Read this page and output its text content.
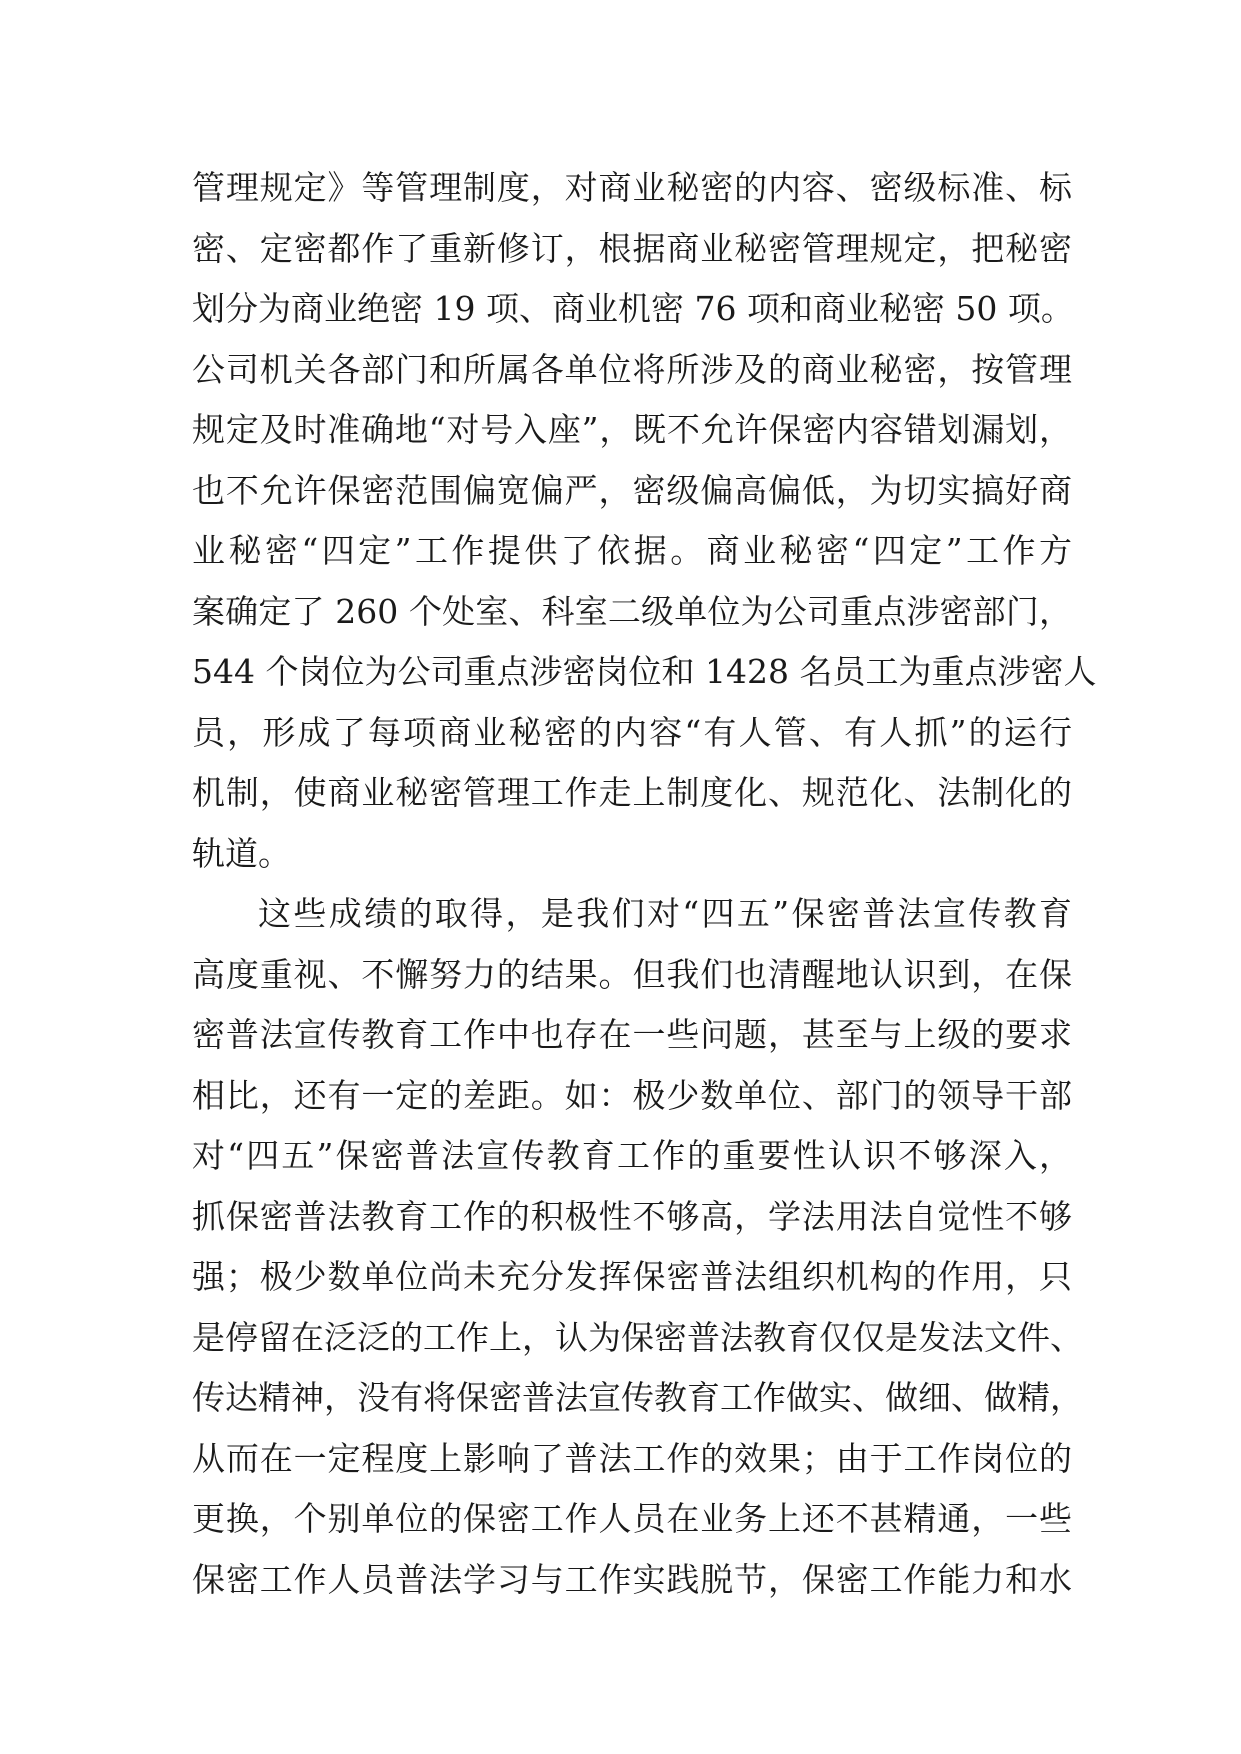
管理规定》等管理制度，对商业秘密的内容、密级标准、标
密、定密都作了重新修订，根据商业秘密管理规定，把秘密
划分为商业绝密 19 项、商业机密 76 项和商业秘密 50 项。
公司机关各部门和所属各单位将所涉及的商业秘密，按管理
规定及时准确地“对号入座”，既不允许保密内容错划漏划，
也不允许保密范围偏宽偏严，密级偏高偏低，为切实搞好商
业秘密“四定”工作提供了依据。商业秘密“四定”工作方
案确定了 260 个处室、科室二级单位为公司重点涉密部门，
544 个岗位为公司重点涉密岗位和 1428 名员工为重点涉密人
员，形成了每项商业秘密的内容“有人管、有人抓”的运行
机制，使商业秘密管理工作走上制度化、规范化、法制化的
轨道。
这些成绩的取得，是我们对“四五”保密普法宣传教育
高度重视、不懈努力的结果。但我们也清醒地认识到，在保
密普法宣传教育工作中也存在一些问题，甚至与上级的要求
相比，还有一定的差距。如：极少数单位、部门的领导干部
对“四五”保密普法宣传教育工作的重要性认识不够深入，
抓保密普法教育工作的积极性不够高，学法用法自觉性不够
强；极少数单位尚未充分发挥保密普法组织机构的作用，只
是停留在泛泛的工作上，认为保密普法教育仅仅是发法文件、
传达精神，没有将保密普法宣传教育工作做实、做细、做精，
从而在一定程度上影响了普法工作的效果；由于工作岗位的
更换，个别单位的保密工作人员在业务上还不甚精通，一些
保密工作人员普法学习与工作实践脱节，保密工作能力和水
